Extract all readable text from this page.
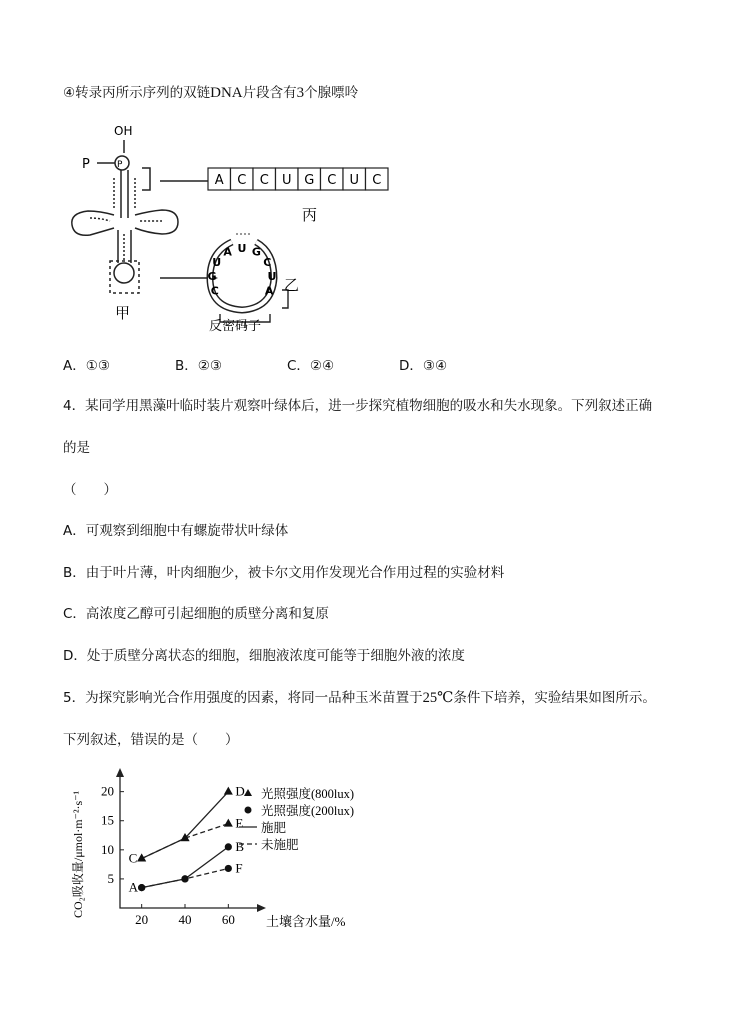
④转录丙所示序列的双链DNA片段含有3个腺嘌呤
OH
P	P
甲
A C C U G C U C
丙
C
G
U
A U G
C
U
A 乙
反密码子
A．①③	B．②③	C．②④	D．③④
4．某同学用黑藻叶临时装片观察叶绿体后，进一步探究植物细胞的吸水和失水现象。下列叙述正确
的是
（　　）
A．可观察到细胞中有螺旋带状叶绿体
B．由于叶片薄，叶肉细胞少，被卡尔文用作发现光合作用过程的实验材料
C．高浓度乙醇可引起细胞的质壁分离和复原
D．处于质壁分离状态的细胞，细胞液浓度可能等于细胞外液的浓度
5．为探究影响光合作用强度的因素，将同一品种玉米苗置于25℃条件下培养，实验结果如图所示。
下列叙述，错误的是（　　）
20 40 60
5
10
15
20
CO₂吸收量/μmol·m⁻²·s⁻¹
土壤含水量/%
C
D
E
A
B
F
光照强度(800lux)
光照强度(200lux)
施肥
未施肥
